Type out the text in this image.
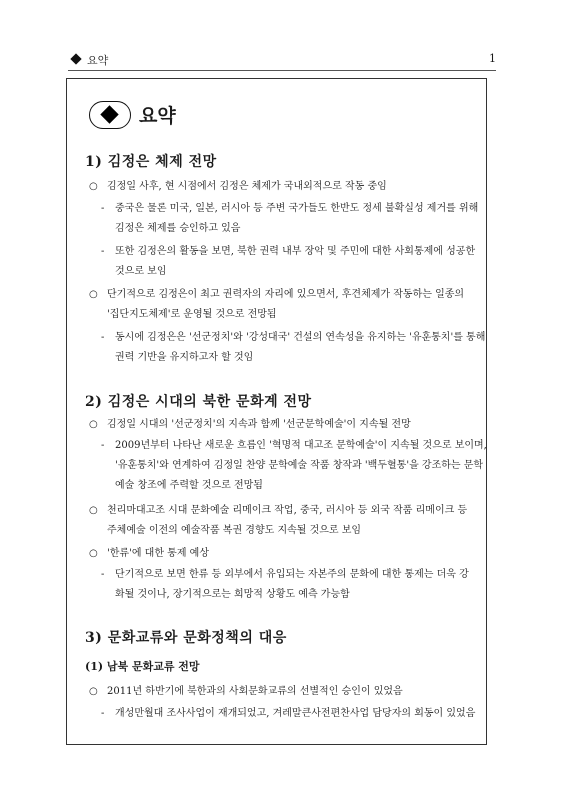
요약	1
요약
1) 김정은 체제 전망
○ 김정일 사후, 현 시점에서 김정은 체제가 국내외적으로 작동 중임
- 중국은 물론 미국, 일본, 러시아 등 주변 국가들도 한반도 정세 불확실성 제거를 위해
김정은 체제를 승인하고 있음
- 또한 김정은의 활동을 보면, 북한 권력 내부 장악 및 주민에 대한 사회통제에 성공한
것으로 보임
○ 단기적으로 김정은이 최고 권력자의 자리에 있으면서, 후견체제가 작동하는 일종의
'집단지도체제'로 운영될 것으로 전망됨
- 동시에 김정은은 '선군정치'와 '강성대국' 건설의 연속성을 유지하는 '유훈통치'를 통해
권력 기반을 유지하고자 할 것임
2) 김정은 시대의 북한 문화계 전망
○ 김정일 시대의 '선군정치'의 지속과 함께 '선군문학예술'이 지속될 전망
- 2009년부터 나타난 새로운 흐름인 '혁명적 대고조 문학예술'이 지속될 것으로 보이며,
'유훈통치'와 연계하여 김정일 찬양 문학예술 작품 창작과 '백두혈통'을 강조하는 문학
예술 창조에 주력할 것으로 전망됨
○ 천리마대고조 시대 문화예술 리메이크 작업, 중국, 러시아 등 외국 작품 리메이크 등
주체예술 이전의 예술작품 복권 경향도 지속될 것으로 보임
○ '한류'에 대한 통제 예상
- 단기적으로 보면 한류 등 외부에서 유입되는 자본주의 문화에 대한 통제는 더욱 강
화될 것이나, 장기적으로는 희망적 상황도 예측 가능함
3) 문화교류와 문화정책의 대응
(1) 남북 문화교류 전망
○ 2011년 하반기에 북한과의 사회문화교류의 선별적인 승인이 있었음
- 개성만월대 조사사업이 재개되었고, 겨레말큰사전편찬사업 담당자의 회동이 있었음
